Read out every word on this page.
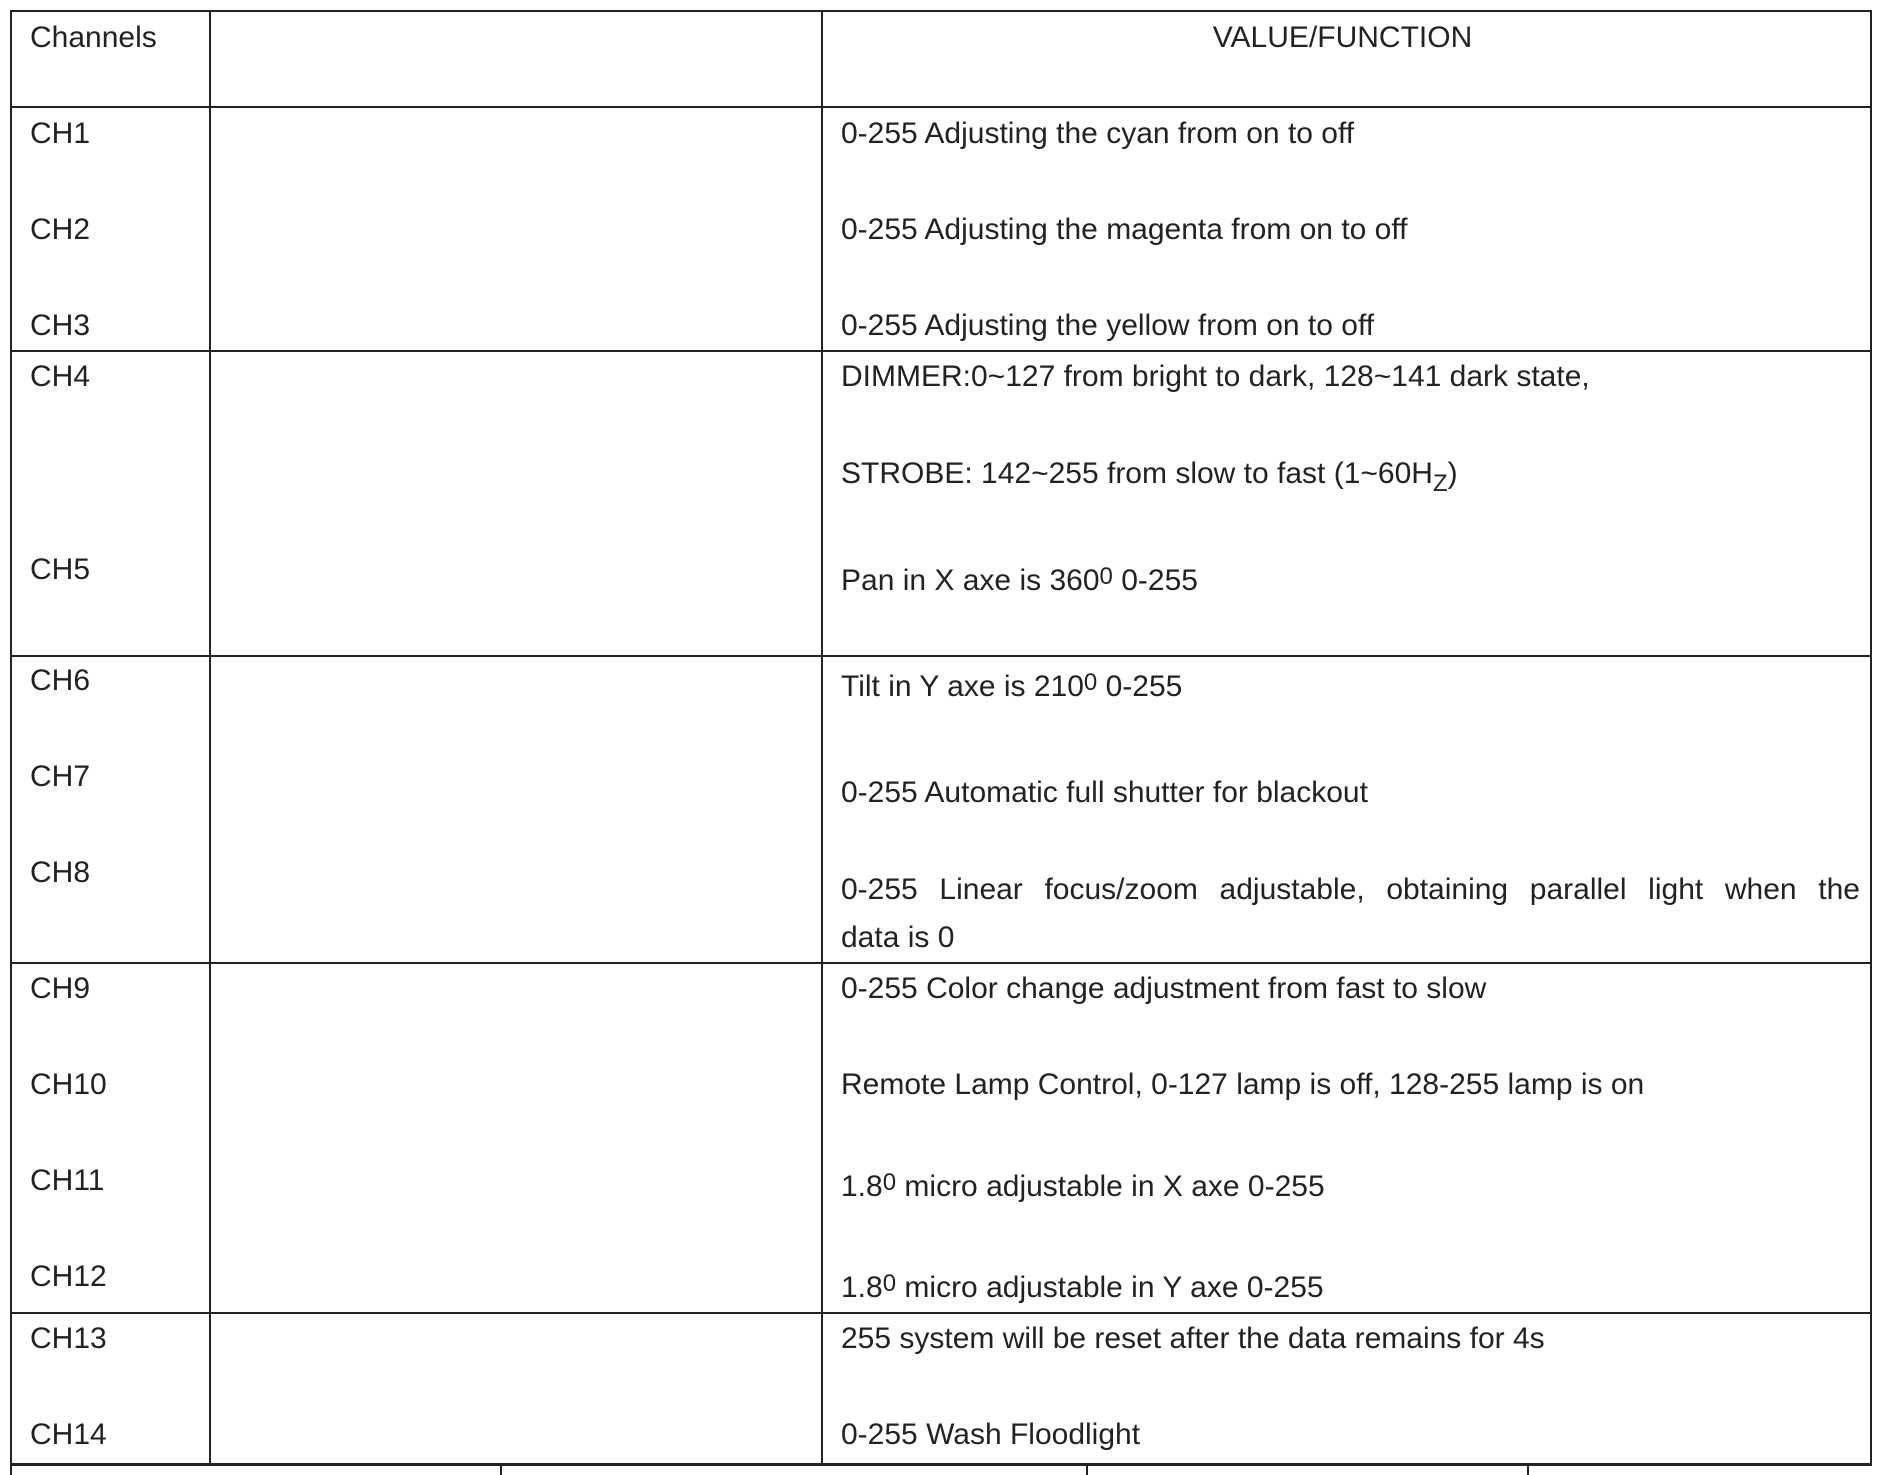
Channels	VALUE/FUNCTION
CH1
CH2
CH3
CH4
CH5
CH6
CH7
CH8
CH9
CH10
CH11
CH12
CH13
CH14
0-255 Adjusting the cyan from on to off
0-255 Adjusting the magenta from on to off
0-255 Adjusting the yellow from on to off
DIMMER:0~127 from bright to dark, 128~141 dark state,
STROBE: 142~255 from slow to fast $(1\sim 60H_Z)$
Pan in X axe is $360^0$ 0-255
Tilt in Y axe is $210^0$ 0-255
0-255 Automatic full shutter for blackout
0-255 Linear focus/zoom adjustable, obtaining parallel light when the
data is 0
0-255 Color change adjustment from fast to slow
Remote Lamp Control, 0-127 lamp is off, 128-255 lamp is on
$1.8^0$ micro adjustable in X axe 0-255
$1.8^0$ micro adjustable in Y axe 0-255
255 system will be reset after the data remains for 4s
0-255 Wash Floodlight
